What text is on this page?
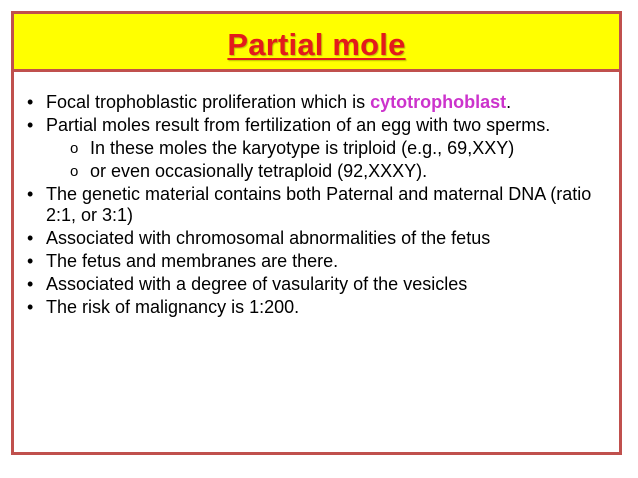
Partial mole
• Focal trophoblastic proliferation which is cytotrophoblast.
• Partial moles result from fertilization of an egg with two sperms.
o In these moles the karyotype is triploid (e.g., 69,XXY)
o or even occasionally tetraploid (92,XXXY).
• The genetic material contains both Paternal and maternal DNA (ratio 2:1, or 3:1)
• Associated with chromosomal abnormalities of the fetus
• The fetus and membranes are there.
• Associated with a degree of vasularity of the vesicles
• The risk of malignancy is 1:200.
